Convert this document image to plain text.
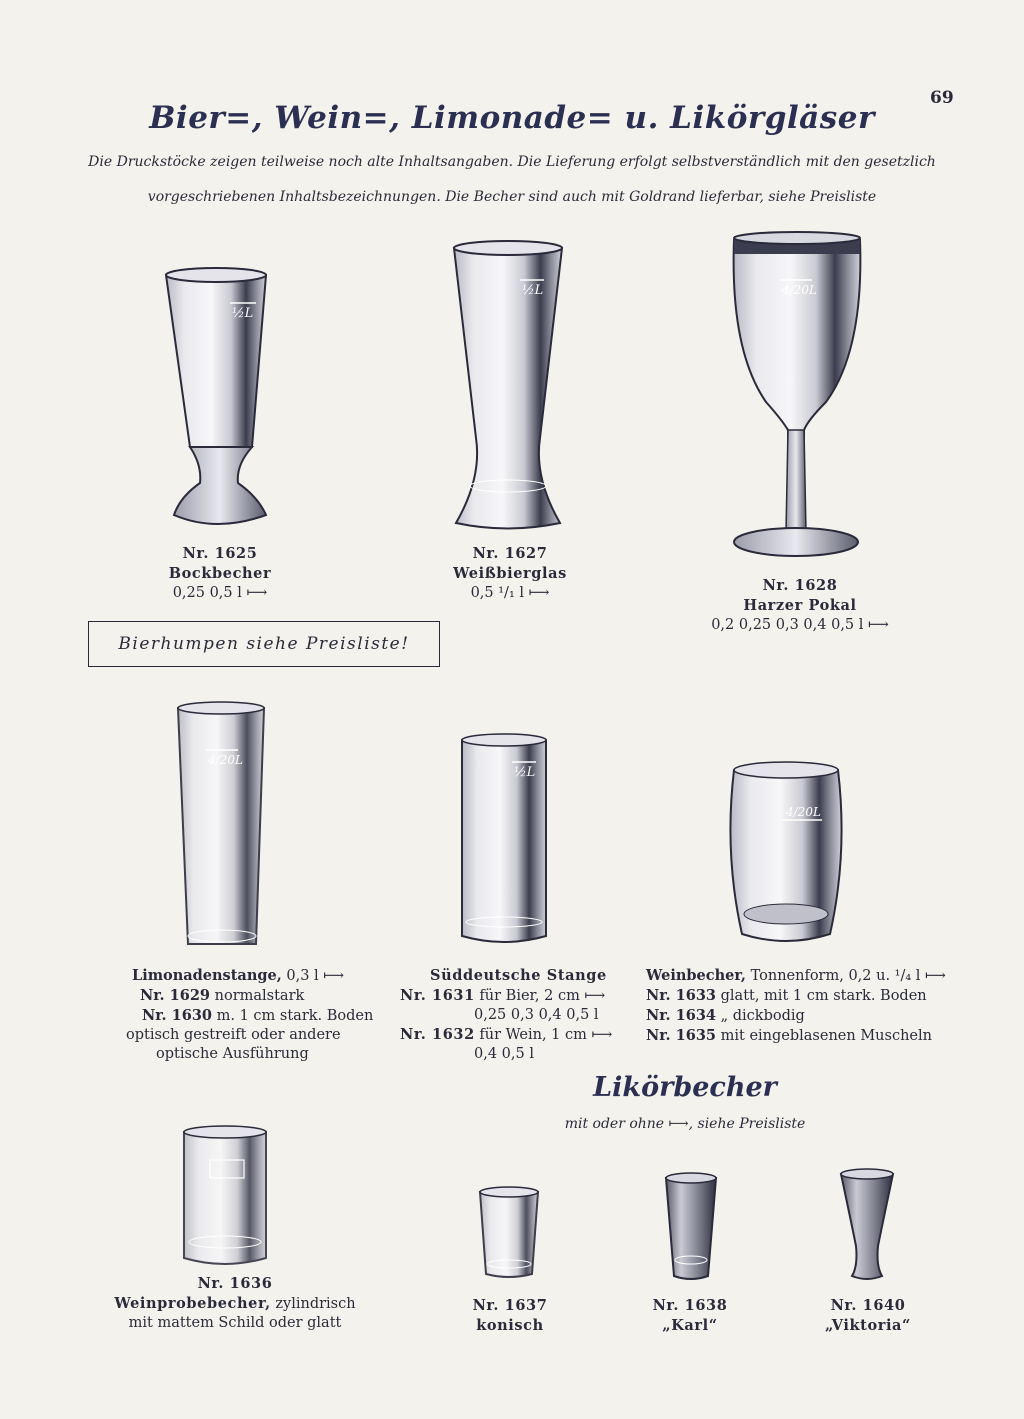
69
Bier=, Wein=, Limonade= u. Likörgläser
Die Druckstöcke zeigen teilweise noch alte Inhaltsangaben. Die Lieferung erfolgt selbstverständlich mit den gesetzlich
vorgeschriebenen Inhaltsbezeichnungen. Die Becher sind auch mit Goldrand lieferbar, siehe Preisliste
½L
Nr. 1625
Bockbecher
0,25 0,5 l ⟼
½L
Nr. 1627
Weißbierglas
0,5 ¹/₁ l ⟼
4/20L
Nr. 1628
Harzer Pokal
0,2 0,25 0,3 0,4 0,5 l ⟼
Bierhumpen siehe Preisliste!
4/20L
Limonadenstange, 0,3 l ⟼
Nr. 1629 normalstark
Nr. 1630 m. 1 cm stark. Boden
optisch gestreift oder andere
optische Ausführung
½L
Süddeutsche Stange
Nr. 1631 für Bier, 2 cm ⟼
0,25 0,3 0,4 0,5 l
Nr. 1632 für Wein, 1 cm ⟼
0,4 0,5 l
4/20L
Weinbecher, Tonnenform, 0,2 u. ¹/₄ l ⟼
Nr. 1633 glatt, mit 1 cm stark. Boden
Nr. 1634 „ dickbodig
Nr. 1635 mit eingeblasenen Muscheln
Likörbecher
mit oder ohne ⟼, siehe Preisliste
Nr. 1636
Weinprobebecher, zylindrisch
mit mattem Schild oder glatt
Nr. 1637
konisch
Nr. 1638
„Karl“
Nr. 1640
„Viktoria“
